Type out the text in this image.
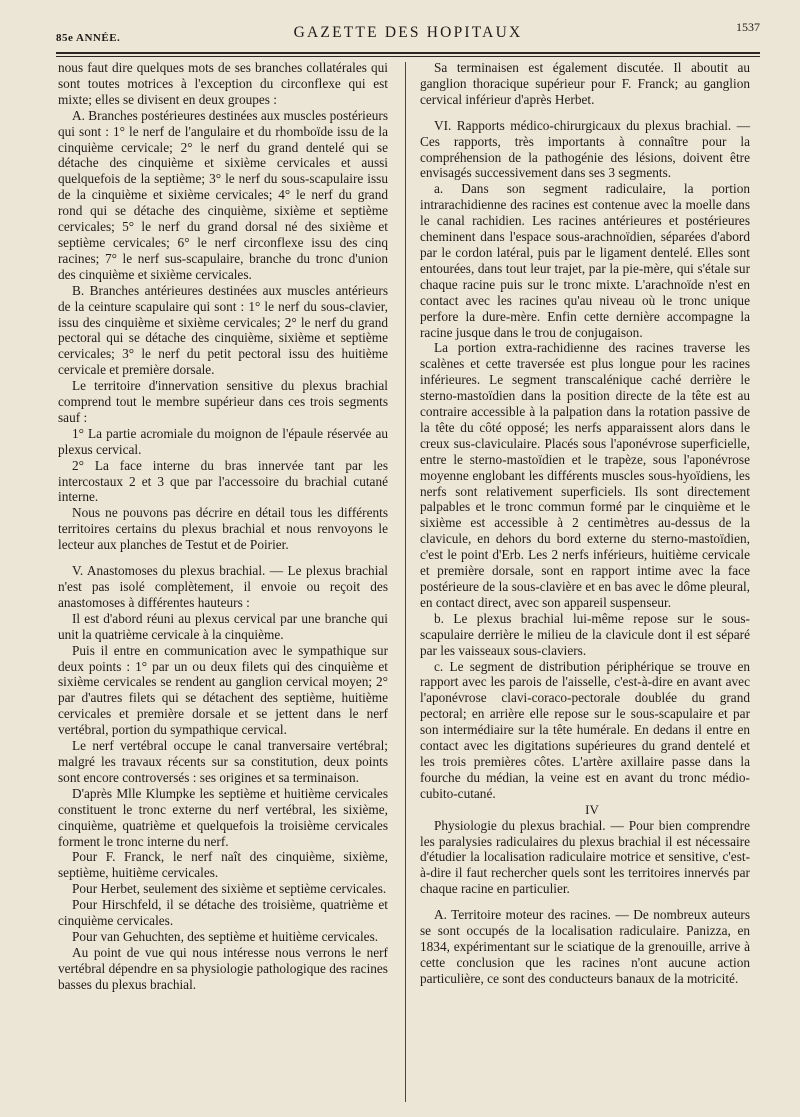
85e ANNÉE.	GAZETTE DES HOPITAUX	1537

nous faut dire quelques mots de ses branches collatérales qui sont toutes motrices à l'exception du circonflexe qui est mixte; elles se divisent en deux groupes :

A. Branches postérieures destinées aux muscles postérieurs qui sont : 1° le nerf de l'angulaire et du rhomboïde issu de la cinquième cervicale; 2° le nerf du grand dentelé qui se détache des cinquième et sixième cervicales et aussi quelquefois de la septième; 3° le nerf du sous-scapulaire issu de la cinquième et sixième cervicales; 4° le nerf du grand rond qui se détache des cinquième, sixième et septième cervicales; 5° le nerf du grand dorsal né des sixième et septième cervicales; 6° le nerf circonflexe issu des cinq racines; 7° le nerf sus-scapulaire, branche du tronc d'union des cinquième et sixième cervicales.

B. Branches antérieures destinées aux muscles antérieurs de la ceinture scapulaire qui sont : 1° le nerf du sous-clavier, issu des cinquième et sixième cervicales; 2° le nerf du grand pectoral qui se détache des cinquième, sixième et septième cervicales; 3° le nerf du petit pectoral issu des huitième cervicale et première dorsale.

Le territoire d'innervation sensitive du plexus brachial comprend tout le membre supérieur dans ces trois segments sauf :

1° La partie acromiale du moignon de l'épaule réservée au plexus cervical.

2° La face interne du bras innervée tant par les intercostaux 2 et 3 que par l'accessoire du brachial cutané interne.

Nous ne pouvons pas décrire en détail tous les différents territoires certains du plexus brachial et nous renvoyons le lecteur aux planches de Testut et de Poirier.

V. Anastomoses du plexus brachial. — Le plexus brachial n'est pas isolé complètement, il envoie ou reçoit des anastomoses à différentes hauteurs :

Il est d'abord réuni au plexus cervical par une branche qui unit la quatrième cervicale à la cinquième.

Puis il entre en communication avec le sympathique sur deux points : 1° par un ou deux filets qui des cinquième et sixième cervicales se rendent au ganglion cervical moyen; 2° par d'autres filets qui se détachent des septième, huitième cervicales et première dorsale et se jettent dans le nerf vertébral, portion du sympathique cervical.

Le nerf vertébral occupe le canal tranversaire vertébral; malgré les travaux récents sur sa constitution, deux points sont encore controversés : ses origines et sa terminaison.

D'après Mlle Klumpke les septième et huitième cervicales constituent le tronc externe du nerf vertébral, les sixième, cinquième, quatrième et quelquefois la troisième cervicales forment le tronc interne du nerf.

Pour F. Franck, le nerf naît des cinquième, sixième, septième, huitième cervicales.

Pour Herbet, seulement des sixième et septième cervicales.

Pour Hirschfeld, il se détache des troisième, quatrième et cinquième cervicales.

Pour van Gehuchten, des septième et huitième cervicales.

Au point de vue qui nous intéresse nous verrons le nerf vertébral dépendre en sa physiologie pathologique des racines basses du plexus brachial.

Sa terminaisen est également discutée. Il aboutit au ganglion thoracique supérieur pour F. Franck; au ganglion cervical inférieur d'après Herbet.

VI. Rapports médico-chirurgicaux du plexus brachial. — Ces rapports, très importants à connaître pour la compréhension de la pathogénie des lésions, doivent être envisagés successivement dans ses 3 segments.

a. Dans son segment radiculaire, la portion intrarachidienne des racines est contenue avec la moelle dans le canal rachidien. Les racines antérieures et postérieures cheminent dans l'espace sous-arachnoïdien, séparées d'abord par le cordon latéral, puis par le ligament dentelé. Elles sont entourées, dans tout leur trajet, par la pie-mère, qui s'étale sur chaque racine puis sur le tronc mixte. L'arachnoïde n'est en contact avec les racines qu'au niveau où le tronc unique perfore la dure-mère. Enfin cette dernière accompagne la racine jusque dans le trou de conjugaison.

La portion extra-rachidienne des racines traverse les scalènes et cette traversée est plus longue pour les racines inférieures. Le segment transcalénique caché derrière le sterno-mastoïdien dans la position directe de la tête est au contraire accessible à la palpation dans la rotation passive de la tête du côté opposé; les nerfs apparaissent alors dans le creux sus-claviculaire. Placés sous l'aponévrose superficielle, entre le sterno-mastoïdien et le trapèze, sous l'aponévrose moyenne englobant les différents muscles sous-hyoïdiens, les nerfs sont relativement superficiels. Ils sont directement palpables et le tronc commun formé par le cinquième et le sixième est accessible à 2 centimètres au-dessus de la clavicule, en dehors du bord externe du sterno-mastoïdien, c'est le point d'Erb. Les 2 nerfs inférieurs, huitième cervicale et première dorsale, sont en rapport intime avec la face postérieure de la sous-clavière et en bas avec le dôme pleural, en contact direct, avec son appareil suspenseur.

b. Le plexus brachial lui-même repose sur le sous-scapulaire derrière le milieu de la clavicule dont il est séparé par les vaisseaux sous-claviers.

c. Le segment de distribution périphérique se trouve en rapport avec les parois de l'aisselle, c'est-à-dire en avant avec l'aponévrose clavi-coraco-pectorale doublée du grand pectoral; en arrière elle repose sur le sous-scapulaire et par son intermédiaire sur la tête humérale. En dedans il entre en contact avec les digitations supérieures du grand dentelé et les trois premières côtes. L'artère axillaire passe dans la fourche du médian, la veine est en avant du tronc médio-cubito-cutané.

IV

Physiologie du plexus brachial. — Pour bien comprendre les paralysies radiculaires du plexus brachial il est nécessaire d'étudier la localisation radiculaire motrice et sensitive, c'est-à-dire il faut rechercher quels sont les territoires innervés par chaque racine en particulier.

A. Territoire moteur des racines. — De nombreux auteurs se sont occupés de la localisation radiculaire. Panizza, en 1834, expérimentant sur le sciatique de la grenouille, arrive à cette conclusion que les racines n'ont aucune action particulière, ce sont des conducteurs banaux de la motricité.
